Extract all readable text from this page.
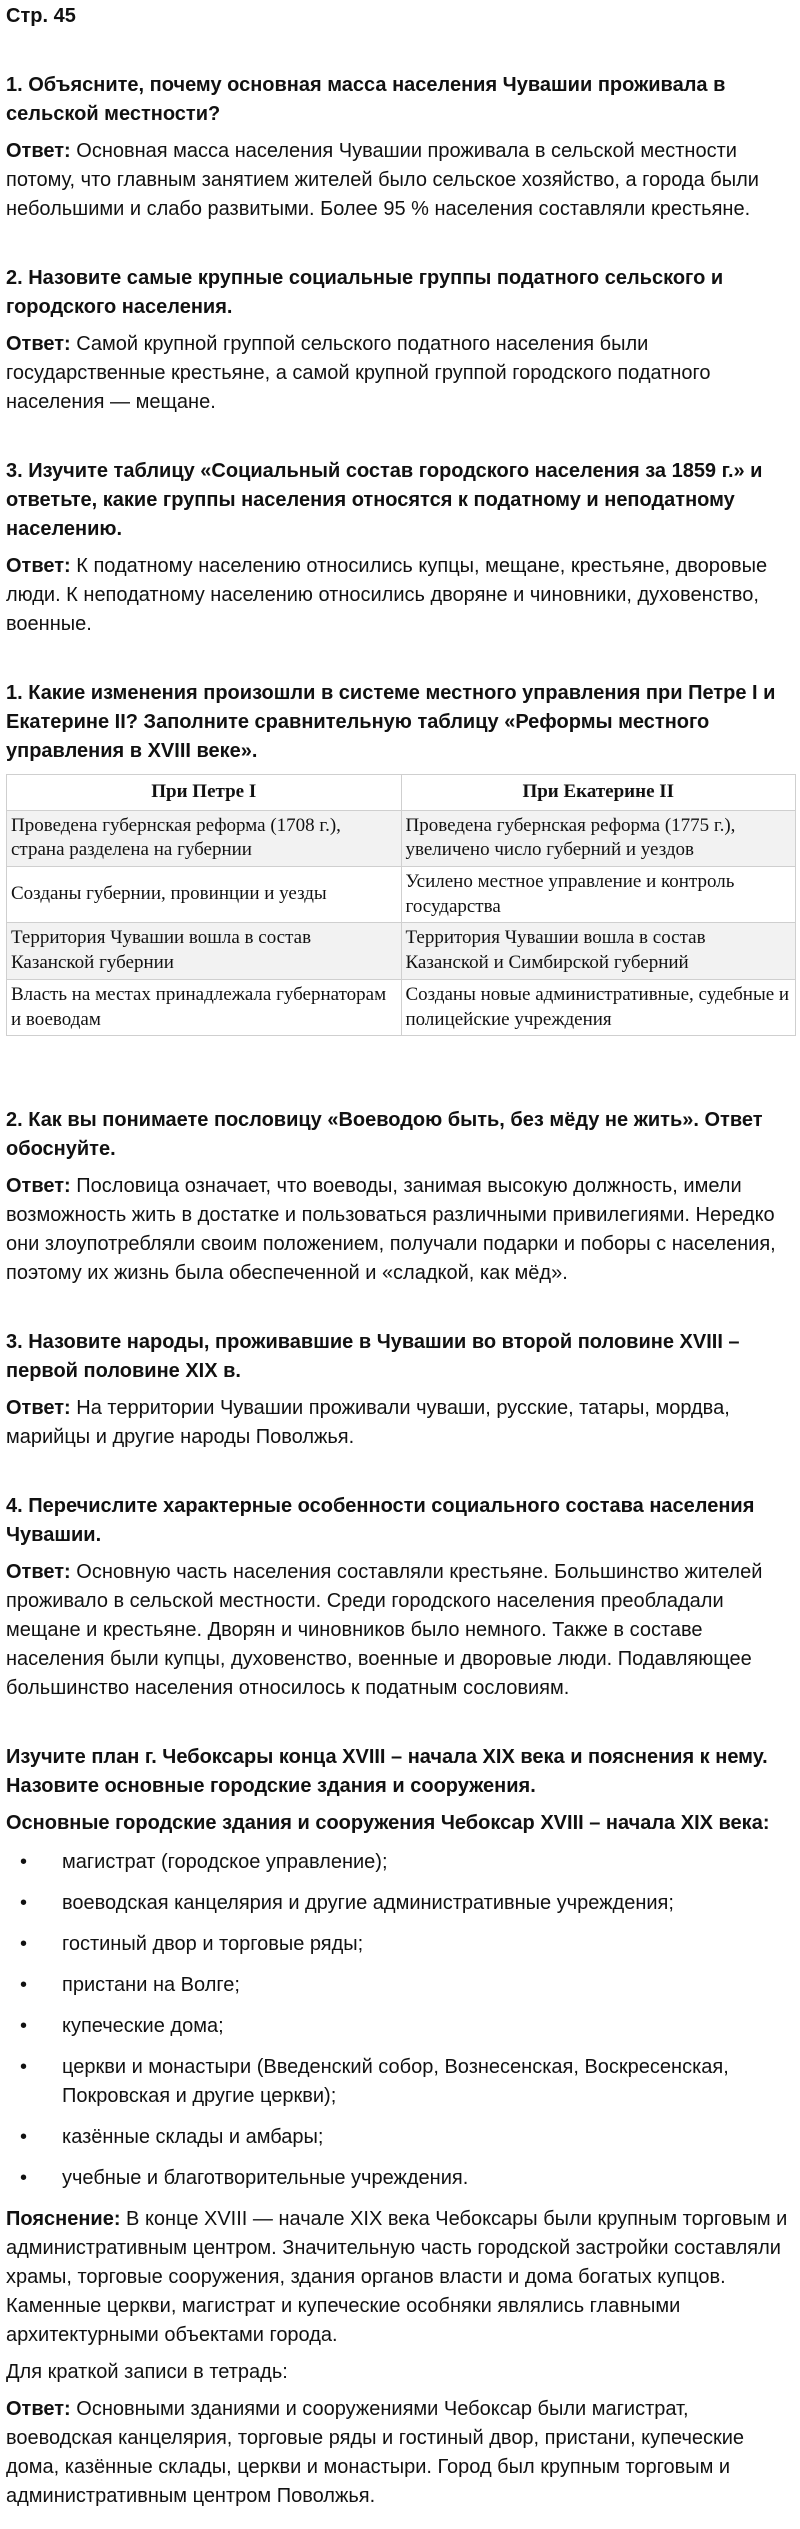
Стр. 45

1. Объясните, почему основная масса населения Чувашии проживала в сельской местности?

Ответ: Основная масса населения Чувашии проживала в сельской местности потому, что главным занятием жителей было сельское хозяйство, а города были небольшими и слабо развитыми. Более 95 % населения составляли крестьяне.

2. Назовите самые крупные социальные группы податного сельского и городского населения.

Ответ: Самой крупной группой сельского податного населения были государственные крестьяне, а самой крупной группой городского податного населения — мещане.

3. Изучите таблицу «Социальный состав городского населения за 1859 г.» и ответьте, какие группы населения относятся к податному и неподатному населению.

Ответ: К податному населению относились купцы, мещане, крестьяне, дворовые люди. К неподатному населению относились дворяне и чиновники, духовенство, военные.

1. Какие изменения произошли в системе местного управления при Петре I и Екатерине II? Заполните сравнительную таблицу «Реформы местного управления в XVIII веке».

При Петре I	При Екатерине II
Проведена губернская реформа (1708 г.), страна разделена на губернии	Проведена губернская реформа (1775 г.), увеличено число губерний и уездов
Созданы губернии, провинции и уезды	Усилено местное управление и контроль государства
Территория Чувашии вошла в состав Казанской губернии	Территория Чувашии вошла в состав Казанской и Симбирской губерний
Власть на местах принадлежала губернаторам и воеводам	Созданы новые административные, судебные и полицейские учреждения

2. Как вы понимаете пословицу «Воеводою быть, без мёду не жить». Ответ обоснуйте.

Ответ: Пословица означает, что воеводы, занимая высокую должность, имели возможность жить в достатке и пользоваться различными привилегиями. Нередко они злоупотребляли своим положением, получали подарки и поборы с населения, поэтому их жизнь была обеспеченной и «сладкой, как мёд».

3. Назовите народы, проживавшие в Чувашии во второй половине XVIII – первой половине XIX в.

Ответ: На территории Чувашии проживали чуваши, русские, татары, мордва, марийцы и другие народы Поволжья.

4. Перечислите характерные особенности социального состава населения Чувашии.

Ответ: Основную часть населения составляли крестьяне. Большинство жителей проживало в сельской местности. Среди городского населения преобладали мещане и крестьяне. Дворян и чиновников было немного. Также в составе населения были купцы, духовенство, военные и дворовые люди. Подавляющее большинство населения относилось к податным сословиям.

Изучите план г. Чебоксары конца XVIII – начала XIX века и пояснения к нему. Назовите основные городские здания и сооружения.

Основные городские здания и сооружения Чебоксар XVIII – начала XIX века:

• магистрат (городское управление);
• воеводская канцелярия и другие административные учреждения;
• гостиный двор и торговые ряды;
• пристани на Волге;
• купеческие дома;
• церкви и монастыри (Введенский собор, Вознесенская, Воскресенская, Покровская и другие церкви);
• казённые склады и амбары;
• учебные и благотворительные учреждения.

Пояснение: В конце XVIII — начале XIX века Чебоксары были крупным торговым и административным центром. Значительную часть городской застройки составляли храмы, торговые сооружения, здания органов власти и дома богатых купцов. Каменные церкви, магистрат и купеческие особняки являлись главными архитектурными объектами города.

Для краткой записи в тетрадь:

Ответ: Основными зданиями и сооружениями Чебоксар были магистрат, воеводская канцелярия, торговые ряды и гостиный двор, пристани, купеческие дома, казённые склады, церкви и монастыри. Город был крупным торговым и административным центром Поволжья.
